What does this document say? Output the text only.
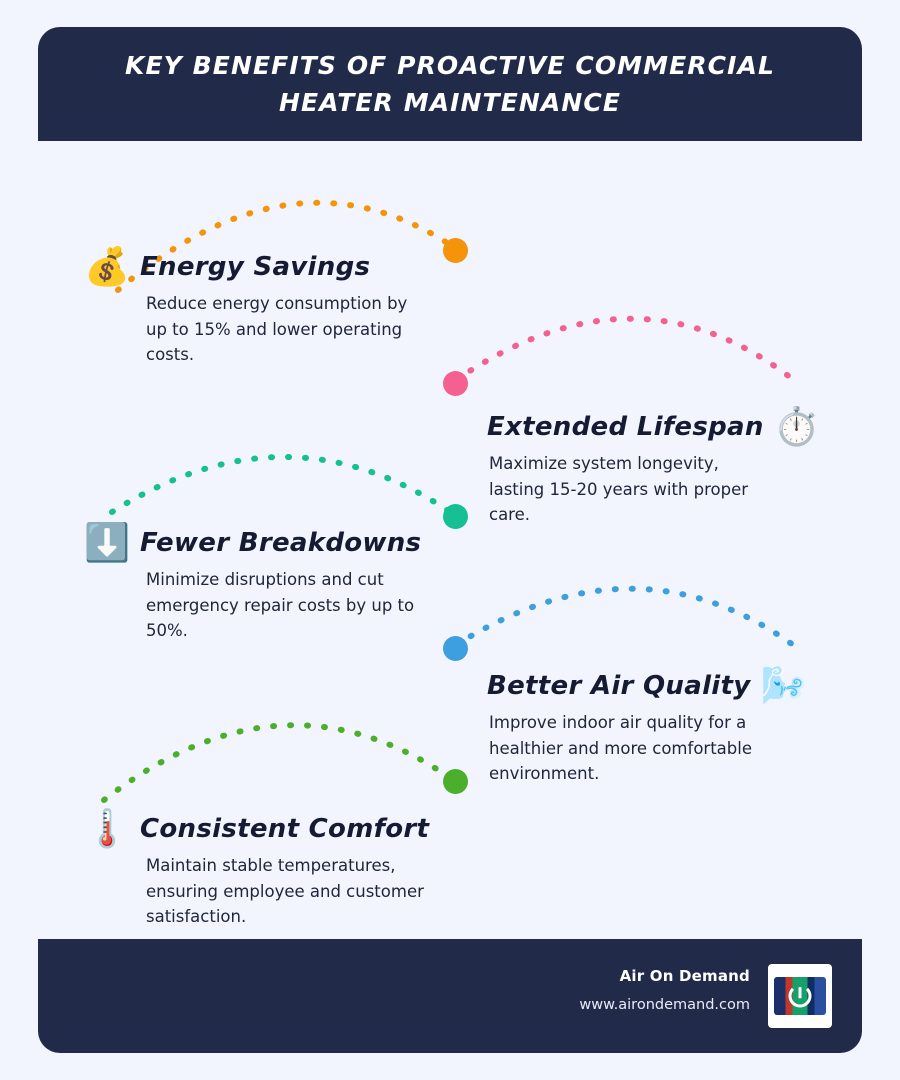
KEY BENEFITS OF PROACTIVE COMMERCIAL HEATER MAINTENANCE
💰 Energy Savings
Reduce energy consumption by up to 15% and lower operating costs.
Extended Lifespan ⏱️
Maximize system longevity, lasting 15-20 years with proper care.
⬇️ Fewer Breakdowns
Minimize disruptions and cut emergency repair costs by up to 50%.
Better Air Quality 🌬️
Improve indoor air quality for a healthier and more comfortable environment.
🌡️ Consistent Comfort
Maintain stable temperatures, ensuring employee and customer satisfaction.
Air On Demand
www.airondemand.com
